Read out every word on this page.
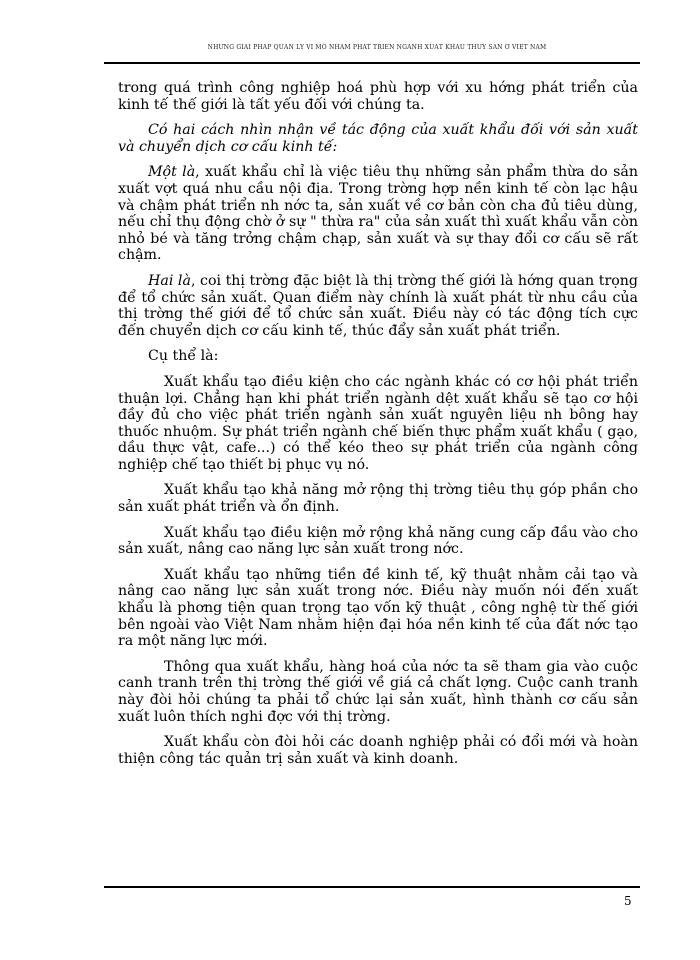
NHỮNG GIẢI PHÁP QUẢN LÝ VĨ MÔ NHẰM PHÁT TRIỂN NGÀNH XUẤT KHẨU THỦY SẢN Ở VIỆT NAM

trong quá trình công nghiệp hoá phù hợp với xu hớng phát triển của kinh tế thế giới là tất yếu đối với chúng ta.

Có hai cách nhìn nhận về tác động của xuất khẩu đối với sản xuất và chuyển dịch cơ cấu kinh tế:

Một là, xuất khẩu chỉ là việc tiêu thụ những sản phẩm thừa do sản xuất vợt quá nhu cầu nội địa. Trong trờng hợp nền kinh tế còn lạc hậu và chậm phát triển nh nớc ta, sản xuất về cơ bản còn cha đủ tiêu dùng, nếu chỉ thụ động chờ ở sự " thừa ra" của sản xuất thì xuất khẩu vẫn còn nhỏ bé và tăng trởng chậm chạp, sản xuất và sự thay đổi cơ cấu sẽ rất chậm.

Hai là, coi thị trờng đặc biệt là thị trờng thế giới là hớng quan trọng để tổ chức sản xuất. Quan điểm này chính là xuất phát từ nhu cầu của thị trờng thế giới để tổ chức sản xuất. Điều này có tác động tích cực đến chuyển dịch cơ cấu kinh tế, thúc đẩy sản xuất phát triển.

Cụ thể là:

Xuất khẩu tạo điều kiện cho các ngành khác có cơ hội phát triển thuận lợi. Chẳng hạn khi phát triển ngành dệt xuất khẩu sẽ tạo cơ hội đầy đủ cho việc phát triển ngành sản xuất nguyên liệu nh bông hay thuốc nhuộm. Sự phát triển ngành chế biến thực phẩm xuất khẩu ( gạo, dầu thực vật, cafe...) có thể kéo theo sự phát triển của ngành công nghiệp chế tạo thiết bị phục vụ nó.

Xuất khẩu tạo khả năng mở rộng thị trờng tiêu thụ góp phần cho sản xuất phát triển và ổn định.

Xuất khẩu tạo điều kiện mở rộng khả năng cung cấp đầu vào cho sản xuất, nâng cao năng lực sản xuất trong nớc.

Xuất khẩu tạo những tiền đề kinh tế, kỹ thuật nhằm cải tạo và nâng cao năng lực sản xuất trong nớc. Điều này muốn nói đến xuất khẩu là phơng tiện quan trọng tạo vốn kỹ thuật , công nghệ từ thế giới bên ngoài vào Việt Nam nhằm hiện đại hóa nền kinh tế của đất nớc tạo ra một năng lực mới.

Thông qua xuất khẩu, hàng hoá của nớc ta sẽ tham gia vào cuộc canh tranh trên thị trờng thế giới về giá cả chất lợng. Cuộc canh tranh này đòi hỏi chúng ta phải tổ chức lại sản xuất, hình thành cơ cấu sản xuất luôn thích nghi đợc với thị trờng.

Xuất khẩu còn đòi hỏi các doanh nghiệp phải có đổi mới và hoàn thiện công tác quản trị sản xuất và kinh doanh.

5
